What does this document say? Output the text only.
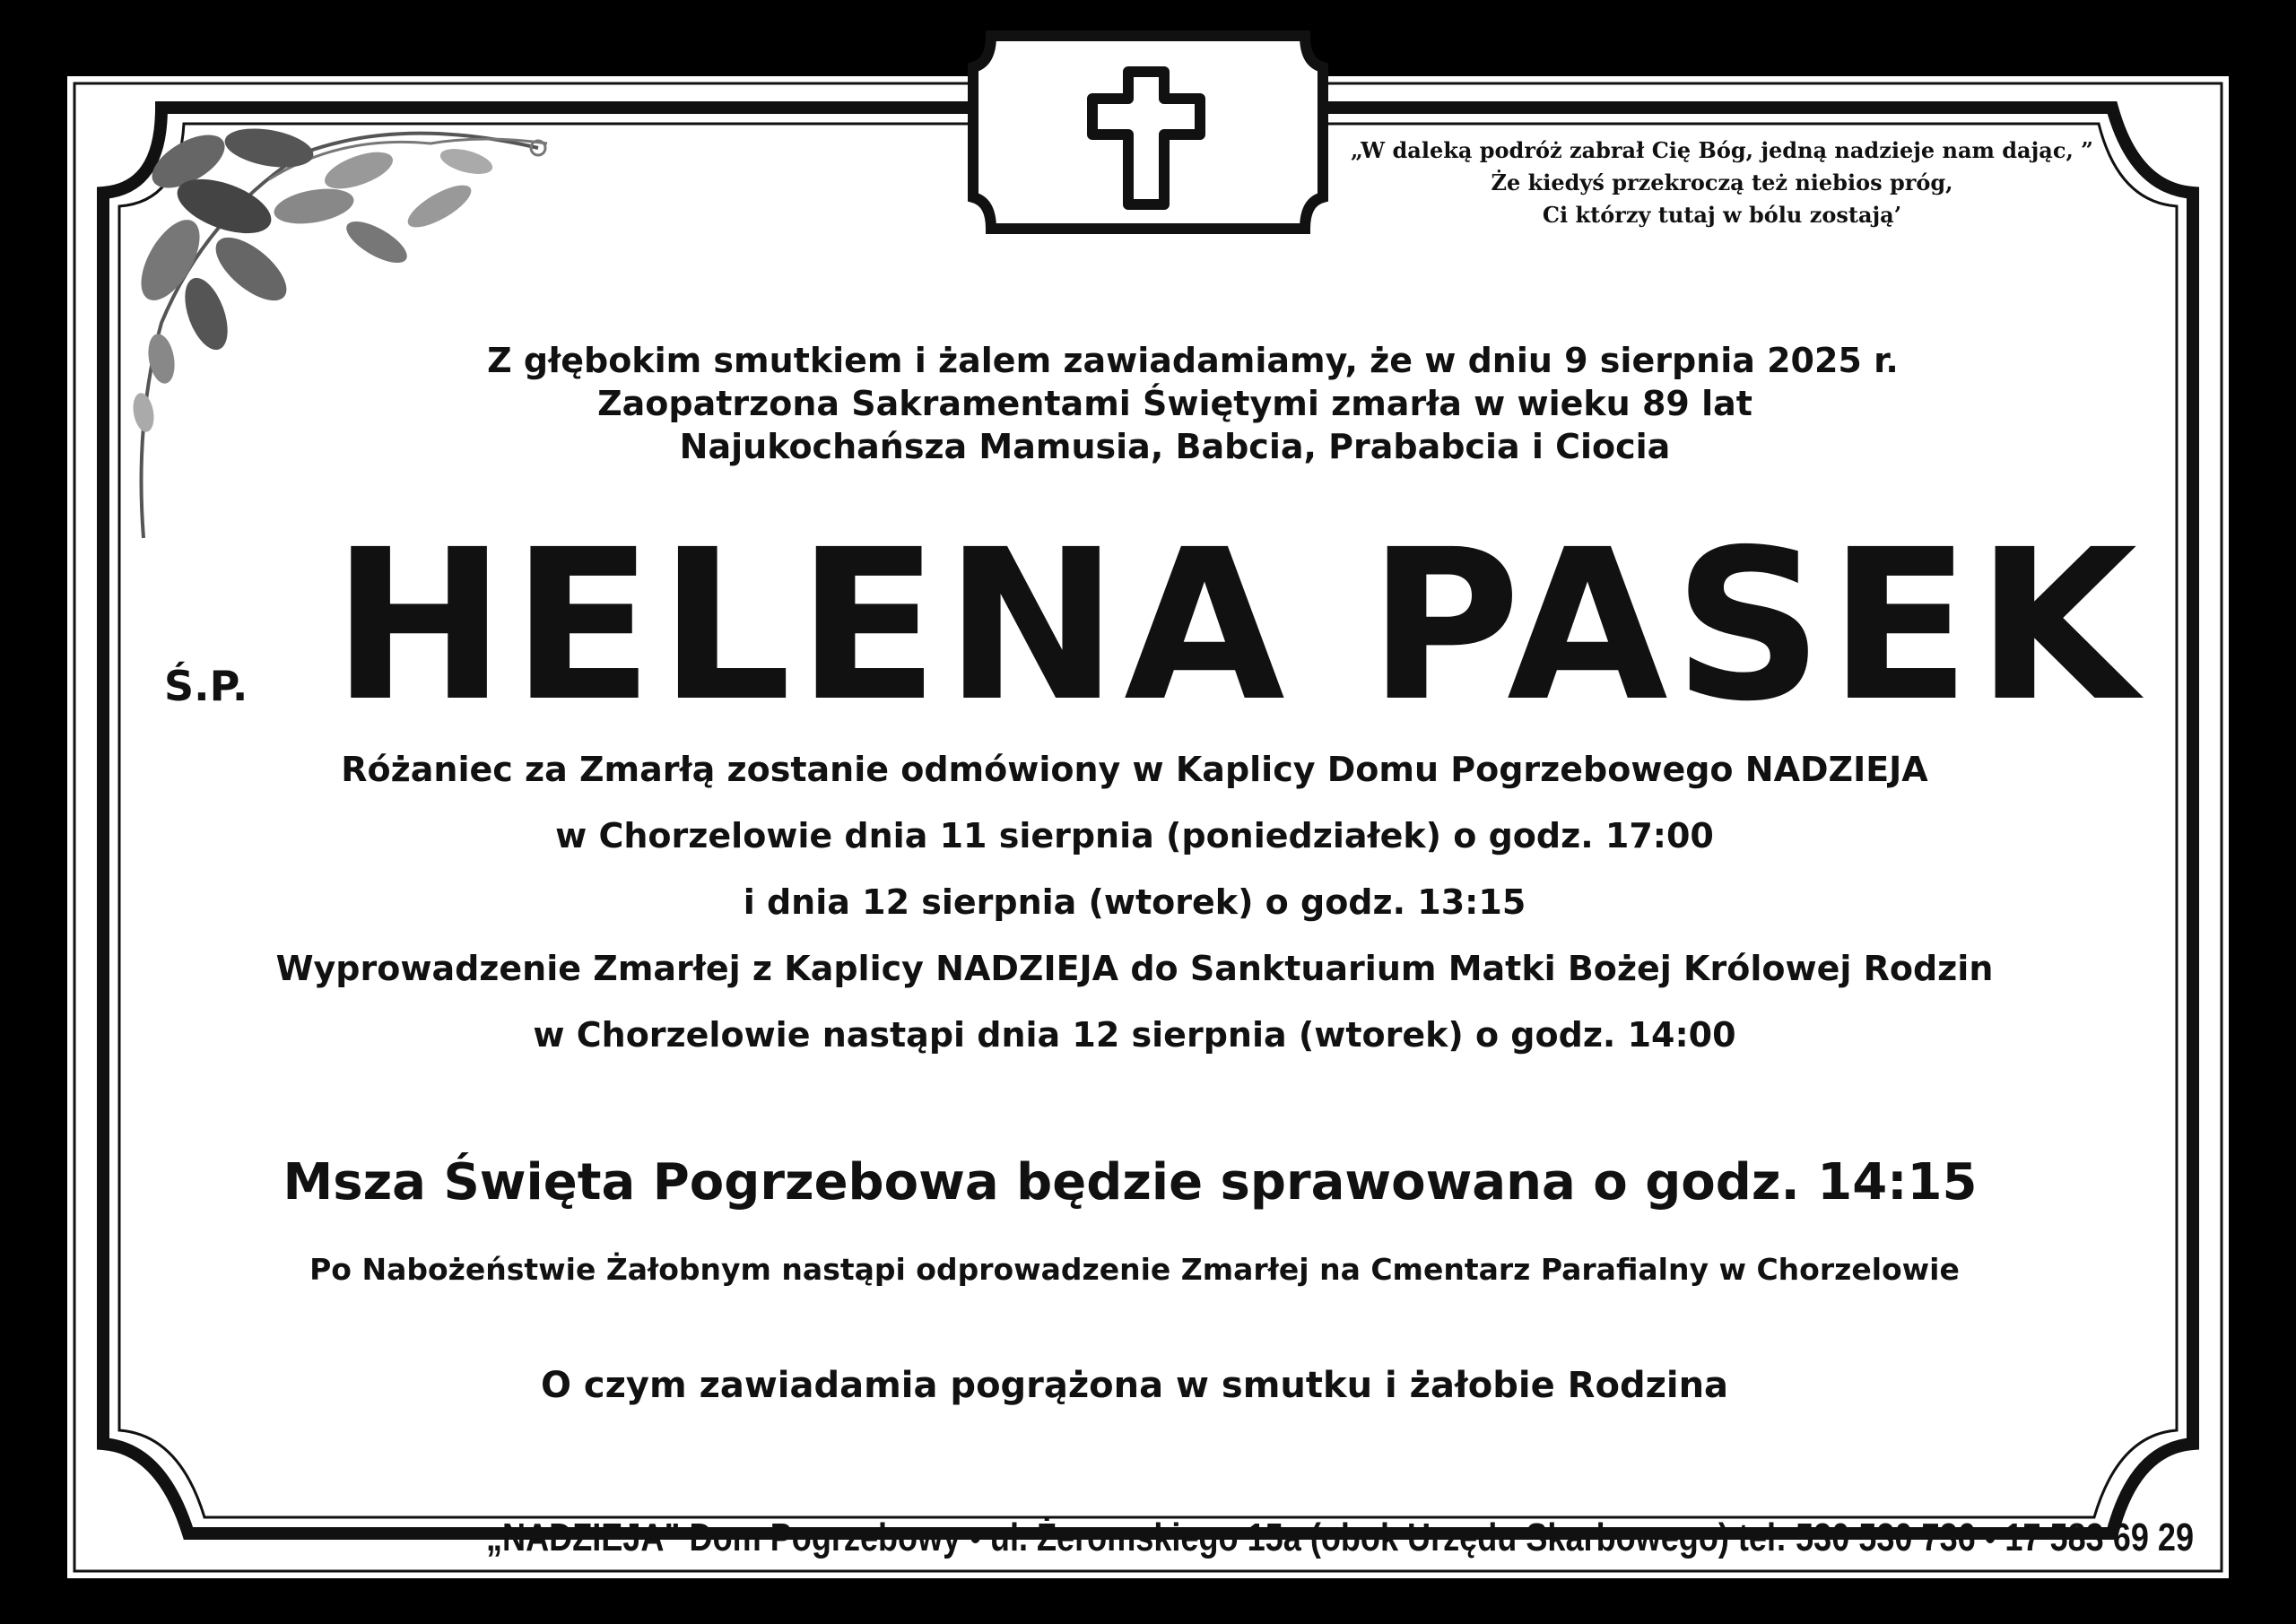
„W daleką podróż zabrał Cię Bóg, jedną nadzieje nam dając, ”
Że kiedyś przekroczą też niebios próg,
Ci którzy tutaj w bólu zostają’
Z głębokim smutkiem i żalem zawiadamiamy, że w dniu 9 sierpnia 2025 r.
Zaopatrzona Sakramentami Świętymi zmarła w wieku 89 lat
Najukochańsza Mamusia, Babcia, Prababcia i Ciocia
Ś.P. HELENA PASEK
Różaniec za Zmarłą zostanie odmówiony w Kaplicy Domu Pogrzebowego NADZIEJA
w Chorzelowie dnia 11 sierpnia (poniedziałek) o godz. 17:00
i dnia 12 sierpnia (wtorek) o godz. 13:15
Wyprowadzenie Zmarłej z Kaplicy NADZIEJA do Sanktuarium Matki Bożej Królowej Rodzin
w Chorzelowie nastąpi dnia 12 sierpnia (wtorek) o godz. 14:00
Msza Święta Pogrzebowa będzie sprawowana o godz. 14:15
Po Nabożeństwie Żałobnym nastąpi odprowadzenie Zmarłej na Cmentarz Parafialny w Chorzelowie
O czym zawiadamia pogrążona w smutku i żałobie Rodzina
„NADZIEJA” Dom Pogrzebowy • ul. Żeromskiego 15a (obok Urzędu Skarbowego) tel: 530 530 736 • 17 583 69 29
